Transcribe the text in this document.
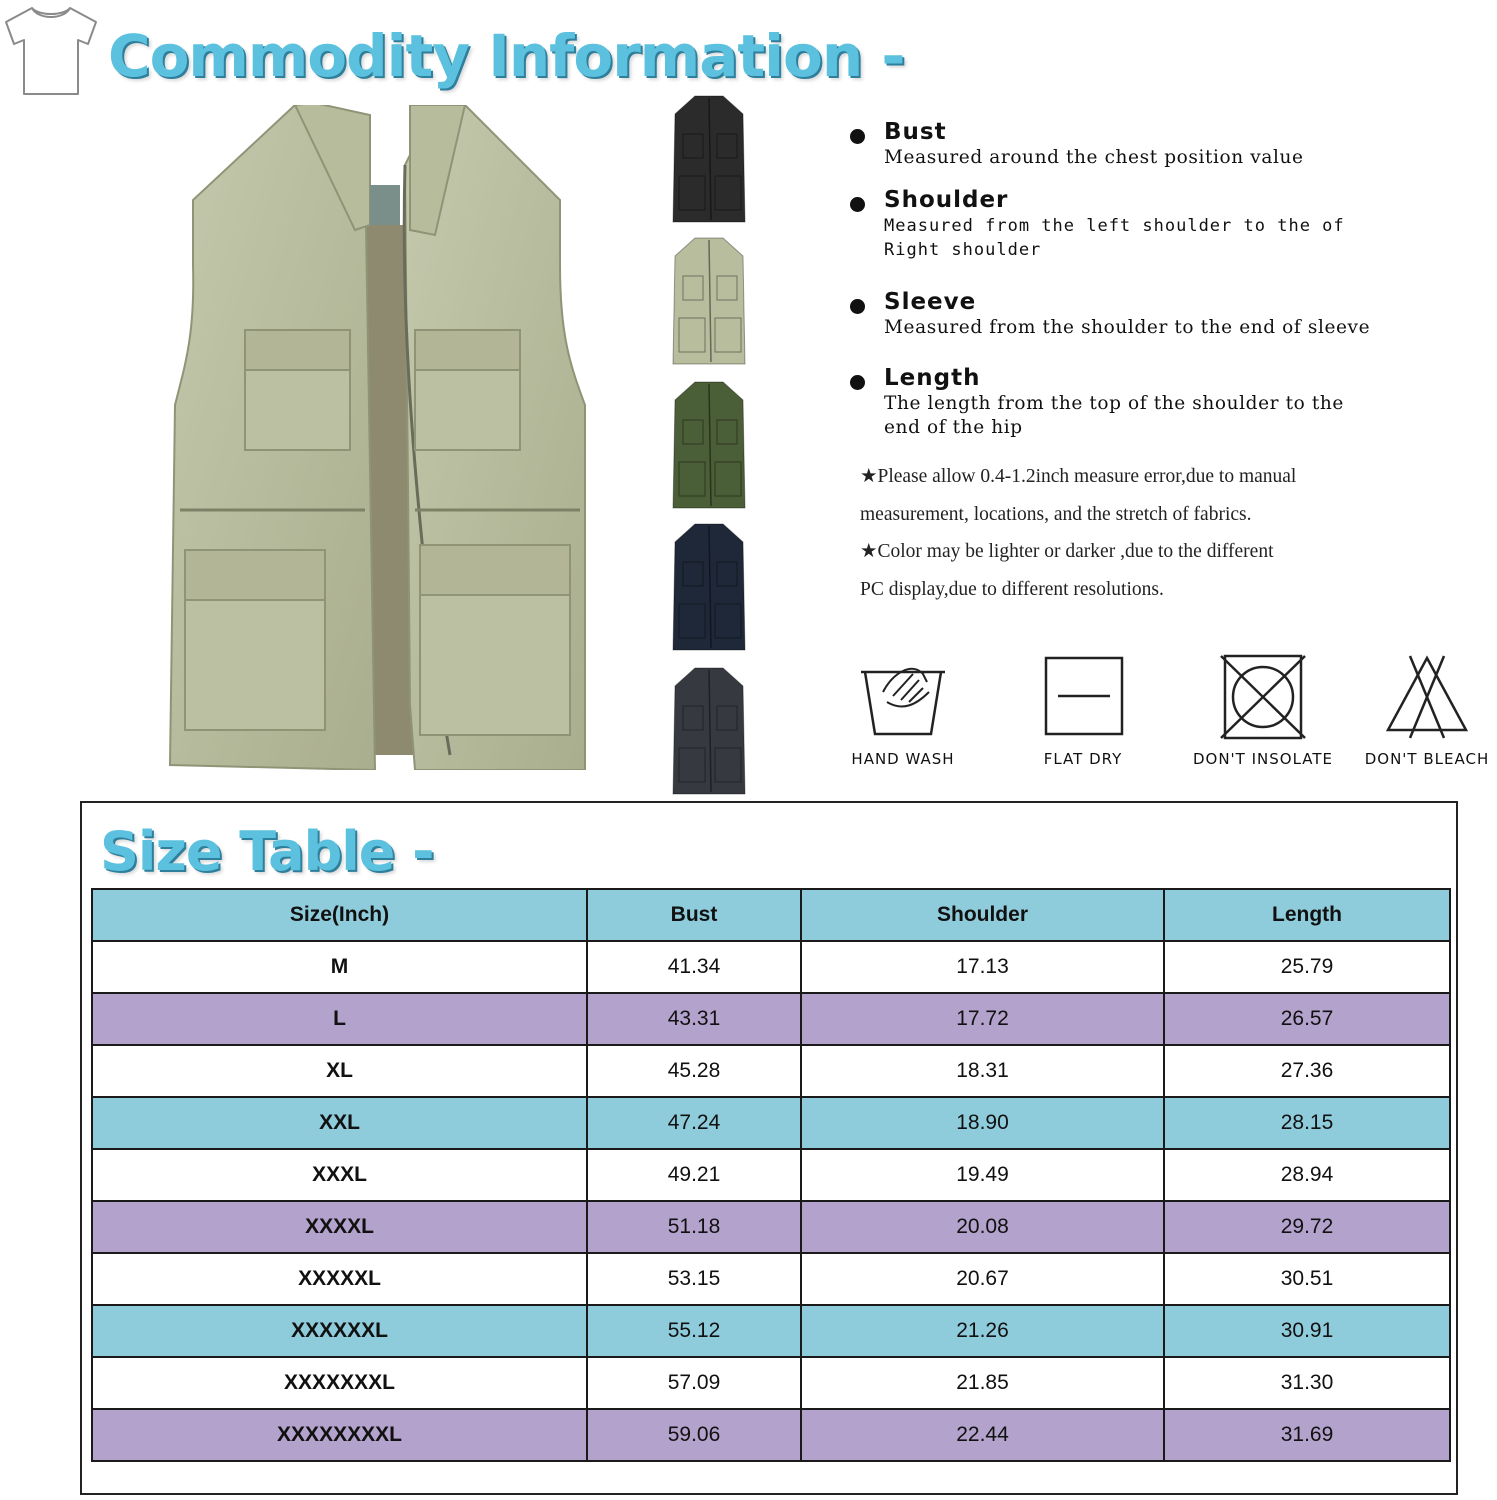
Commodity Information -
Bust
Measured around the chest position value
Shoulder
Measured from the left shoulder to the of Right shoulder
Sleeve
Measured from the shoulder to the end of sleeve
Length
The length from the top of the shoulder to the end of the hip
★Please allow 0.4-1.2inch measure error,due to manual measurement, locations, and the stretch of fabrics.
★Color may be lighter or darker ,due to the different PC display,due to different resolutions.
HAND WASH	FLAT DRY	DON'T INSOLATE	DON'T BLEACH
Size Table -
Size(Inch)	Bust	Shoulder	Length
M	41.34	17.13	25.79
L	43.31	17.72	26.57
XL	45.28	18.31	27.36
XXL	47.24	18.90	28.15
XXXL	49.21	19.49	28.94
XXXXL	51.18	20.08	29.72
XXXXXL	53.15	20.67	30.51
XXXXXXL	55.12	21.26	30.91
XXXXXXXL	57.09	21.85	31.30
XXXXXXXXL	59.06	22.44	31.69
